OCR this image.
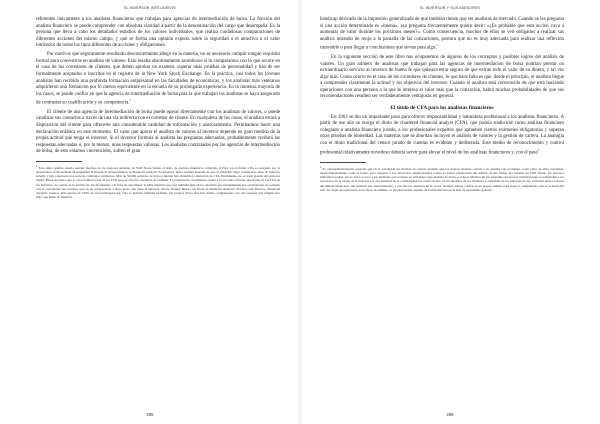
EL INVERSOR INTELIGENTE

referentes únicamente a los analistas financieros que trabajan para agencias de intermediación de bolsa. La función del analista financiero se puede comprender con absoluta claridad a partir de la denominación del cargo que desempeña. Es la persona que lleva a cabo los detallados estudios de los valores individuales, que realiza cuidadosas comparaciones de diferentes acciones del mismo campo, y que se forma una opinión experta sobre la seguridad o el atractivo o el valor intrínseco de todos los tipos diferentes de acciones y obligaciones.

Por motivos que seguramente resultarán desconcertantes allego en la materia, no es necesario cumplir ningún requisito formal para convertirse en analista de valores. Esto resalta absolutamente asombroso si lo comparamos con lo que ocurre en el caso de los corredores de clientes, que deben aprobar un examen, superar unas pruebas de personalidad y han de ser formalmente aceptados e inscritos en el registro de la New York Stock Exchange. En la práctica, casi todos los jóvenes analistas han recibido una profunda formación empresarial en las facultades de económicas, y los analistas más veteranos adquirieron una formación por lo menos equivalente en la escuela de su prolongada experiencia. En la inmensa mayoría de los casos, se puede confiar en que la agencia de intermediación de bolsa para la que trabajan los analistas se haya asegurado de contrastar su cualificación y su competencia.$^1$

El cliente de una agencia de intermediación de bolsa puede operar directamente con los analistas de valores, o puede canalizar sus contactos a través de una vía indirecta con el corredor de cliente. En cualquiera de los casos, el analista estará a disposición del cliente para ofrecerle una considerable cantidad de información y asesoramiento. Permítannos hacer una declaración enfática en este momento. El valor que aporta el analista de valores al inversor depende en gran medida de la propia actitud que tenga el inversor. Si el inversor formula al analista las preguntas adecuadas, probablemente recibirá las respuestas adecuadas o, por lo menos, unas respuestas valiosas. Los analistas contratados por las agencias de intermediación de bolsa, de esto estamos convencidos, sufren el gran

$^1$ Este signo sentido cuenta aunque muchos de los mejores analistas de Wall Street tienen el título de analista financiero colegiado (CFA). La tradición CFA es otorgada por la Association of Investment Management & Research (anteriormente, la Financial Analysts Federation), única entidad después de que el candidato haya completado años de riguroso estudio y haya superado una serie de complejos exámenes. Más de 50.000 analistas de todo el mundo han obtenido la titulación de CFA. Prominente, no es nada grande del profesor Shafer Block del autor que lo cuyo nombre parte de los CFA que por año fue candidato de Graham. El potencial de crecimiento cuenta a lo que más relevado que titular de los CFA de los bolsistas, no cuenta de la política de los dividendos a la hora de determinar la OPA mientras que son también más en los analistas que fundamentan sus conclusiones de acuerdo con la convención nos estamos que en las perspectivas a largo plazo que tiene la empresa. Victor Stanley Block, «A Study of Financial Analysts: Practice and Theory», Financial Analysts Journal, julio-agosto de 1999, en www.aimrpubs.org. Uno lo gestión alimenta Graham, sus propios libros han sido leídos, exigiéndoles, por una persona que ningún otro libro que hable de finanzas.

298
EL INVERSOR Y SUS ASESORES

handicap derivado de la impresión generalizada de que también tienen que ser analistas de mercado. Cuando se les pregunta si una acción determinada es «buena», esa pregunta frecuentemente quiere decir: «¿Es probable que esta acción vaya a aumentar de valor durante los próximos meses?». Como consecuencia, muchos de ellos se ven obligados a realizar sus análisis mirando de reojo a la pantalla de las cotizaciones, postura que no es muy adecuada para realizar una reflexión razonable o para llegar a conclusiones que sirvan para algo.$^2$

En la siguiente sección de este libro nos ocuparemos de algunos de los conceptos y posibles logros del análisis de valores. Un gran número de analistas que trabajan para las agencias de intermediación de bolsa podrían prestar un extraordinario servicio al inversor de buena fe que quisiera estar seguro de que extrae todo el valor de su dinero, y tal vez algo más. Como ocurre en el caso de los corredores de clientes, lo que hace falta es que, desde el principio, el analista llegue a comprender claramente la actitud y los objetivos del inversor. Cuando el analista está convencido de que está haciendo operaciones con una persona a la que le interesa el valor más que la cotización, habrá muchas probabilidades de que sus recomendaciones resulten ser verdaderamente ventajosas en general.

El título de CFA para los analistas financieros

En 1963 se dio un importante paso para ofrecer responsabilidad y naturaleza profesional a los analistas financieros. A partir de ese año se otorga el título de chartered financial analyst (CFA), que podría traducirse como analista financiero colegiado o analista financiero jurado, a los profesionales expertos que aprueben ciertos exámenes obligatorios y superan otras pruebas de idoneidad. Las materias que se abordan incluyen el análisis de valores y la gestión de cartera. La analogía con el título tradicional del censor jurado de cuentas es evidente y deliberada. Este medio de reconocimiento y control profesional relativamente novedoso debería servir para elevar el nivel de los analistas financieros y, con el paso$^3$

$^2$ Es extraordinariamente esencial que en la actualidad un analista de valores permita que los nuevos modelos entren a su estudio con el tiempo. Gran parte de ellos contienen, desafortunadamente, todo el futuro para asegurar a los inversores institucionales contra la fuerte penetración del ámbito de las firmas del sistema de Wall Street. Un inversor individual podría, así es, tener acceso a los analistas que trabajan en entidades responsables de bolsa o el área. Muchos de los pequeños inversores institucionales recomiendan a los inversores de la visión de la mayoría por sus analistas de la contabilidad, las convicciones, en los modelos de los institutos y asimismo en los intereses de esa actividad entre el marco del mundo financiero. Sin sustituir sus conocimientos, y por ello los analistas en el sector, siempre suelen confiar en su propio análisis para llegar a comprender cuál es la situación real. Un lugar de referencia en los tipos de análisis, se pueden revisar además de la información en la más de un formato general.

299
